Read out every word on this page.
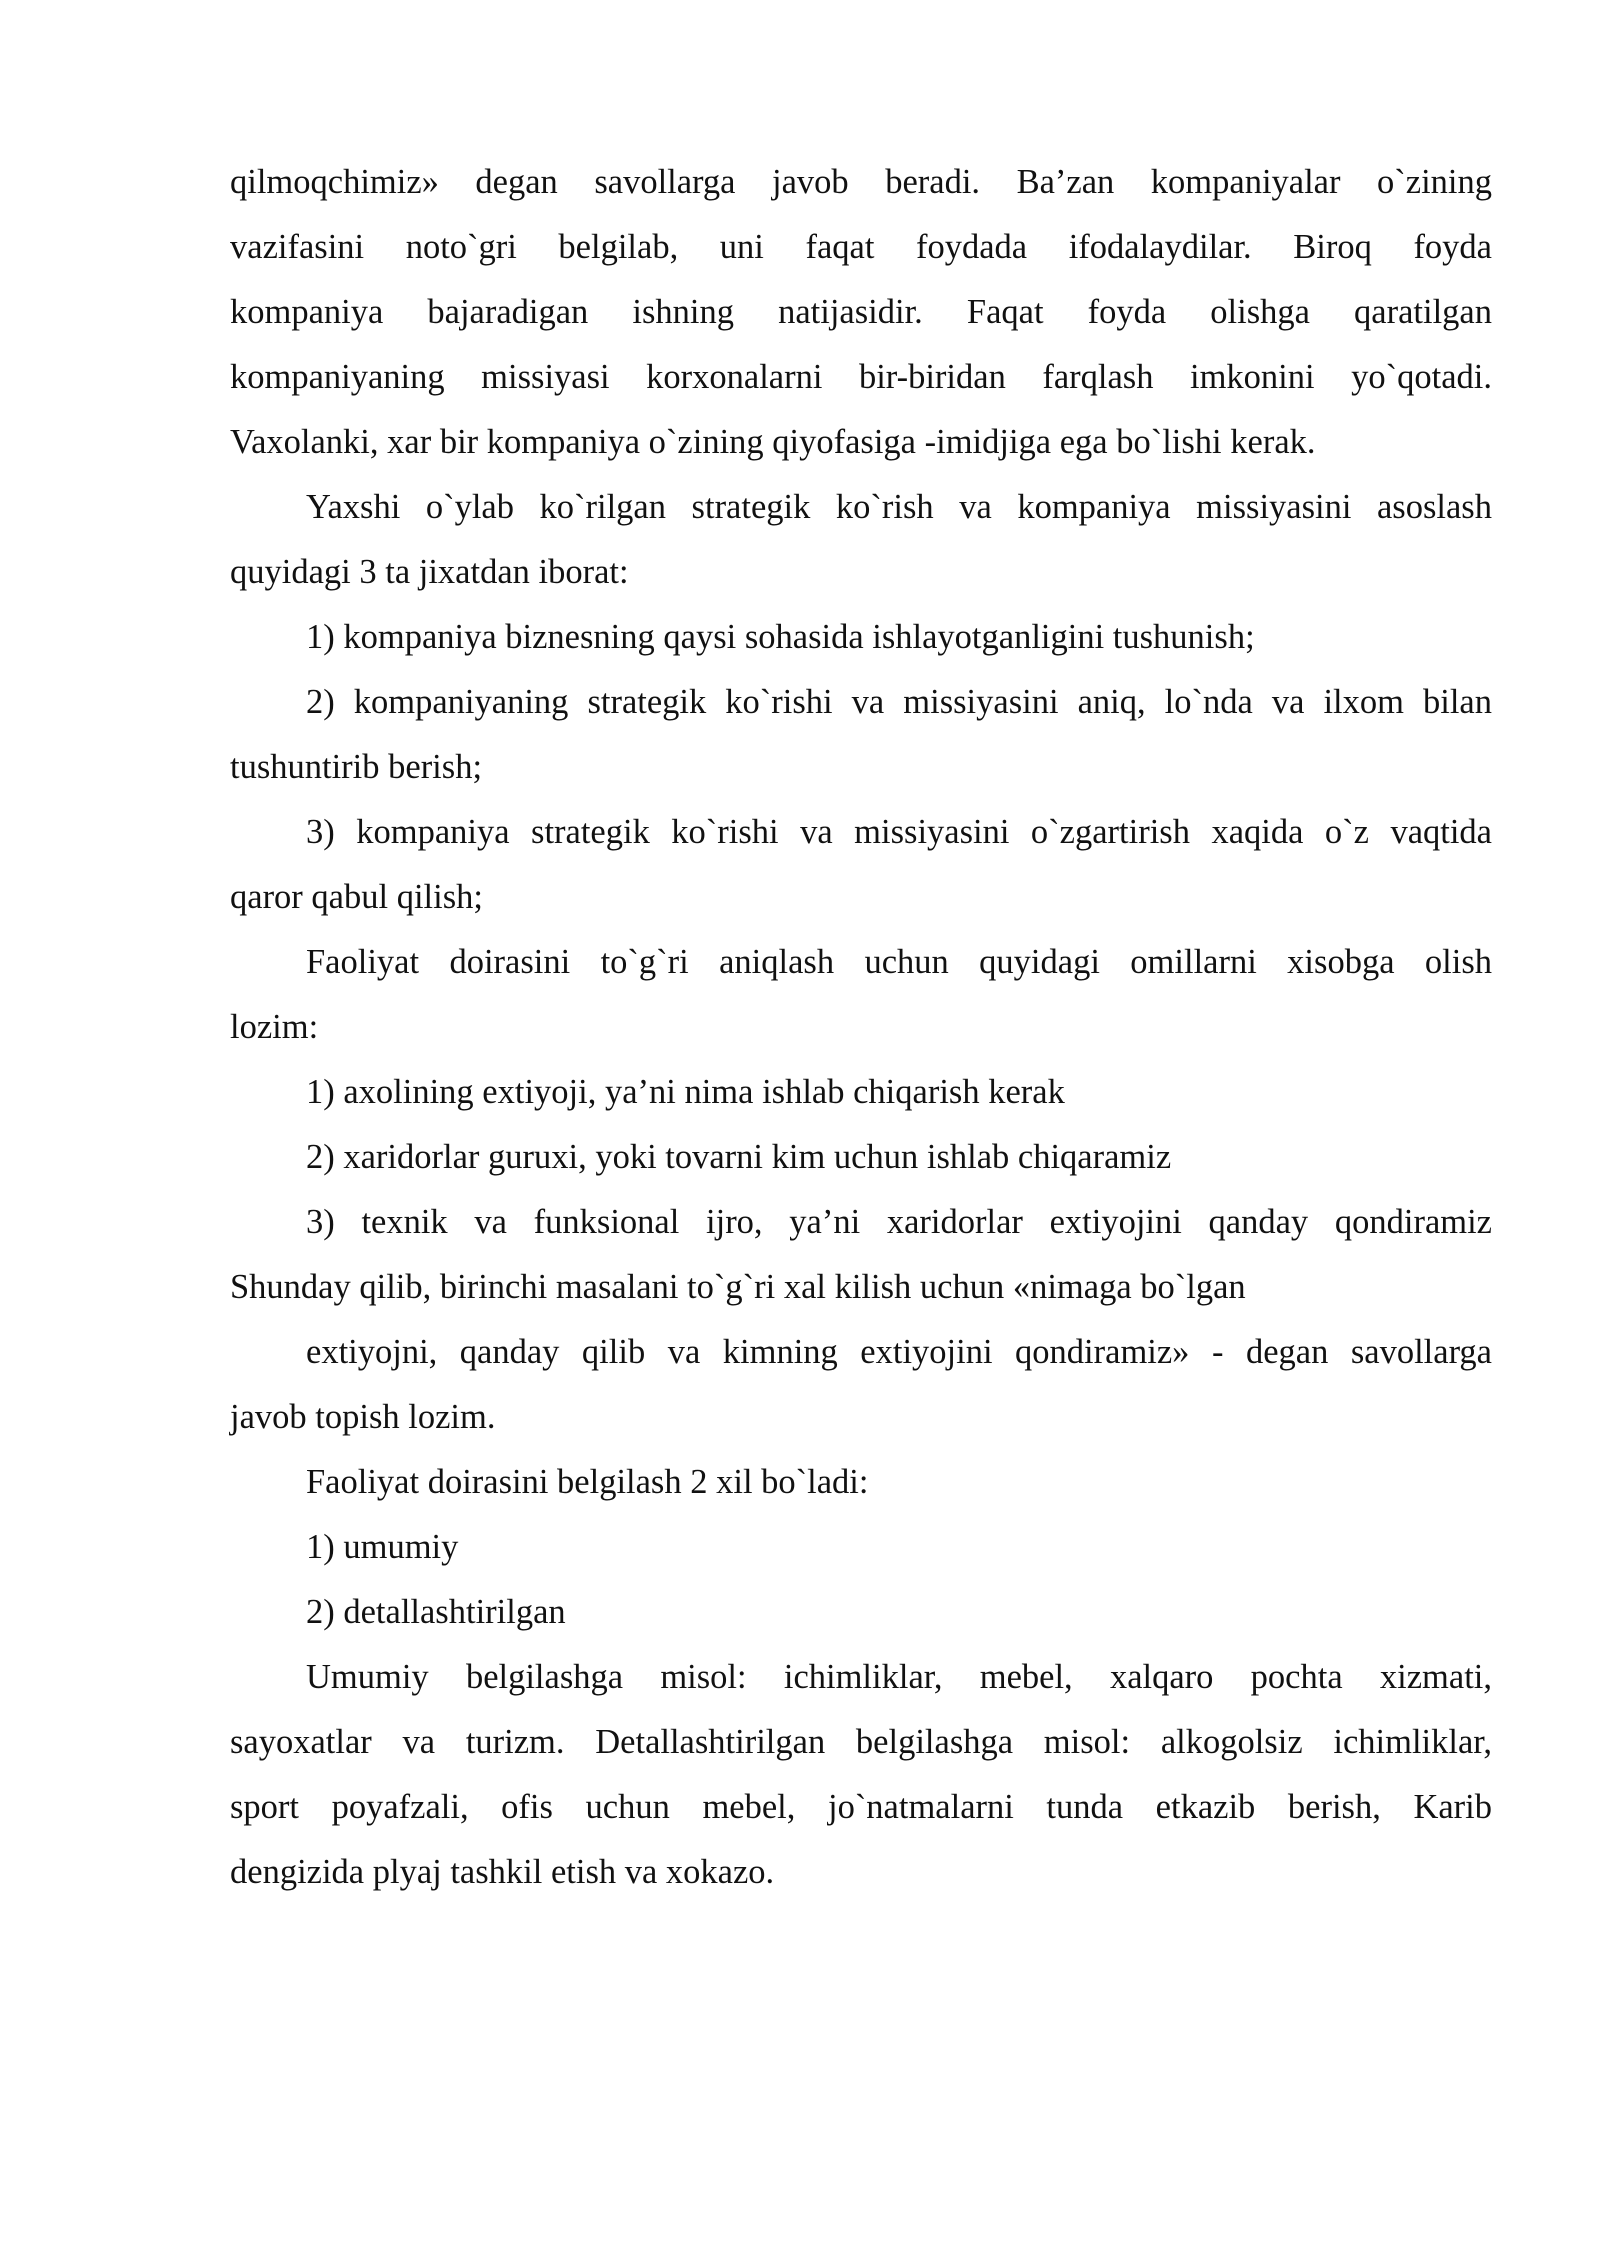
qilmoqchimiz» degan savollarga javob beradi. Ba’zan kompaniyalar o`zining

vazifasini noto`gri belgilab, uni faqat foydada ifodalaydilar. Biroq foyda

kompaniya bajaradigan ishning natijasidir. Faqat foyda olishga qaratilgan

kompaniyaning missiyasi korxonalarni bir-biridan farqlash imkonini yo`qotadi.

Vaxolanki, xar bir kompaniya o`zining qiyofasiga -imidjiga ega bo`lishi kerak.

Yaxshi o`ylab ko`rilgan strategik ko`rish va kompaniya missiyasini asoslash

quyidagi 3 ta jixatdan iborat:

1) kompaniya biznesning qaysi sohasida ishlayotganligini tushunish;

2) kompaniyaning strategik ko`rishi va missiyasini aniq, lo`nda va ilxom bilan

tushuntirib berish;

3) kompaniya strategik ko`rishi va missiyasini o`zgartirish xaqida o`z vaqtida

qaror qabul qilish;

Faoliyat doirasini to`g`ri aniqlash uchun quyidagi omillarni xisobga olish

lozim:

1) axolining extiyoji, ya’ni nima ishlab chiqarish kerak

2) xaridorlar guruxi, yoki tovarni kim uchun ishlab chiqaramiz

3) texnik va funksional ijro, ya’ni xaridorlar extiyojini qanday qondiramiz

Shunday qilib, birinchi masalani to`g`ri xal kilish uchun «nimaga bo`lgan

extiyojni, qanday qilib va kimning extiyojini qondiramiz» - degan savollarga

javob topish lozim.

Faoliyat doirasini belgilash 2 xil bo`ladi:

1) umumiy

2) detallashtirilgan

Umumiy belgilashga misol: ichimliklar, mebel, xalqaro pochta xizmati,

sayoxatlar va turizm. Detallashtirilgan belgilashga misol: alkogolsiz ichimliklar,

sport poyafzali, ofis uchun mebel, jo`natmalarni tunda etkazib berish, Karib

dengizida plyaj tashkil etish va xokazo.
